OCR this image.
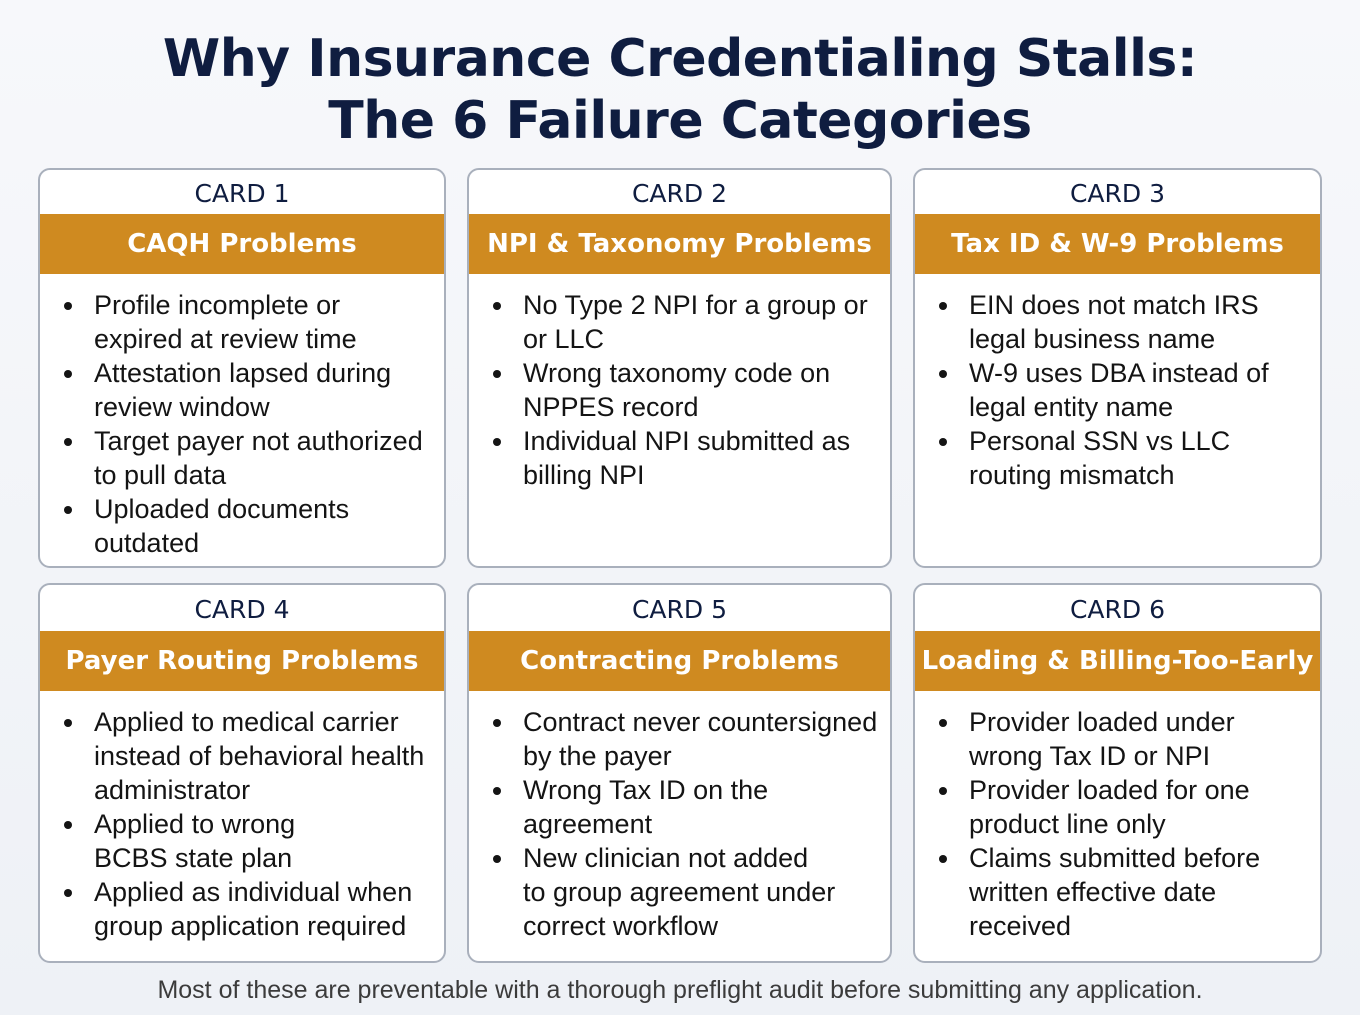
Why Insurance Credentialing Stalls:
The 6 Failure Categories
CARD 1
CAQH Problems
Profile incomplete or expired at review time
Attestation lapsed during review window
Target payer not authorized to pull data
Uploaded documents outdated
CARD 2
NPI & Taxonomy Problems
No Type 2 NPI for a group or or LLC
Wrong taxonomy code on NPPES record
Individual NPI submitted as billing NPI
CARD 3
Tax ID & W-9 Problems
EIN does not match IRS legal business name
W-9 uses DBA instead of legal entity name
Personal SSN vs LLC routing mismatch
CARD 4
Payer Routing Problems
Applied to medical carrier instead of behavioral health administrator
Applied to wrong BCBS state plan
Applied as individual when group application required
CARD 5
Contracting Problems
Contract never countersigned by the payer
Wrong Tax ID on the agreement
New clinician not added to group agreement under correct workflow
CARD 6
Loading & Billing-Too-Early
Provider loaded under wrong Tax ID or NPI
Provider loaded for one product line only
Claims submitted before written effective date received
Most of these are preventable with a thorough preflight audit before submitting any application.
